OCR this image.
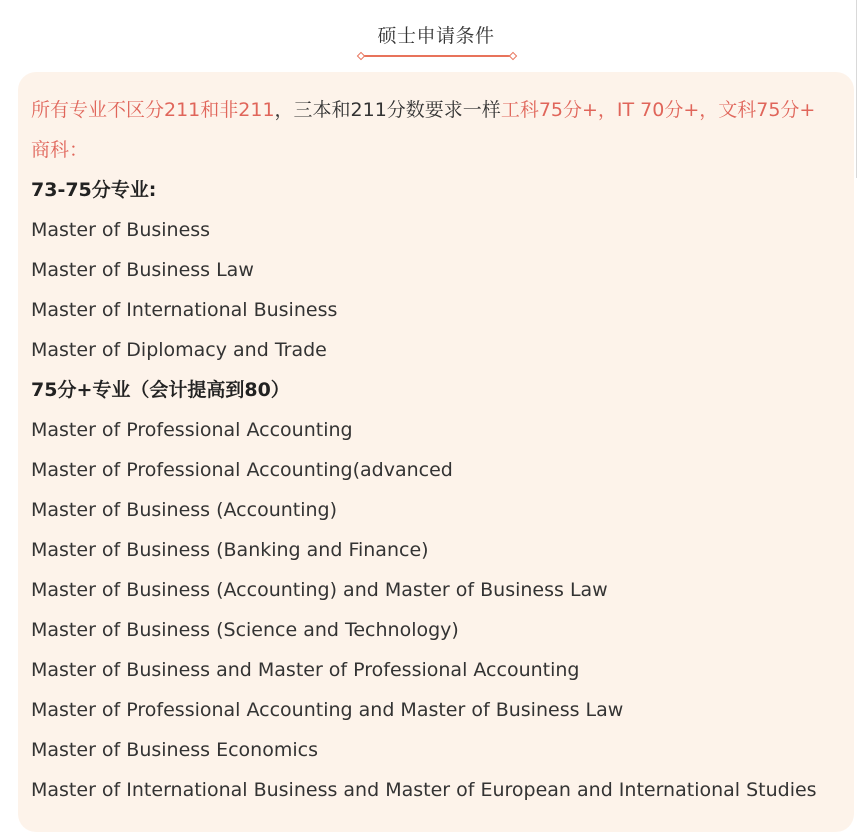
硕士申请条件
所有专业不区分211和非211，三本和211分数要求一样工科75分+，IT 70分+，文科75分+
商科：
73-75分专业:
Master of Business
Master of Business Law
Master of International Business
Master of Diplomacy and Trade
75分+专业（会计提高到80）
Master of Professional Accounting
Master of Professional Accounting(advanced
Master of Business (Accounting)
Master of Business (Banking and Finance)
Master of Business (Accounting) and Master of Business Law
Master of Business (Science and Technology)
Master of Business and Master of Professional Accounting
Master of Professional Accounting and Master of Business Law
Master of Business Economics
Master of International Business and Master of European and International Studies
